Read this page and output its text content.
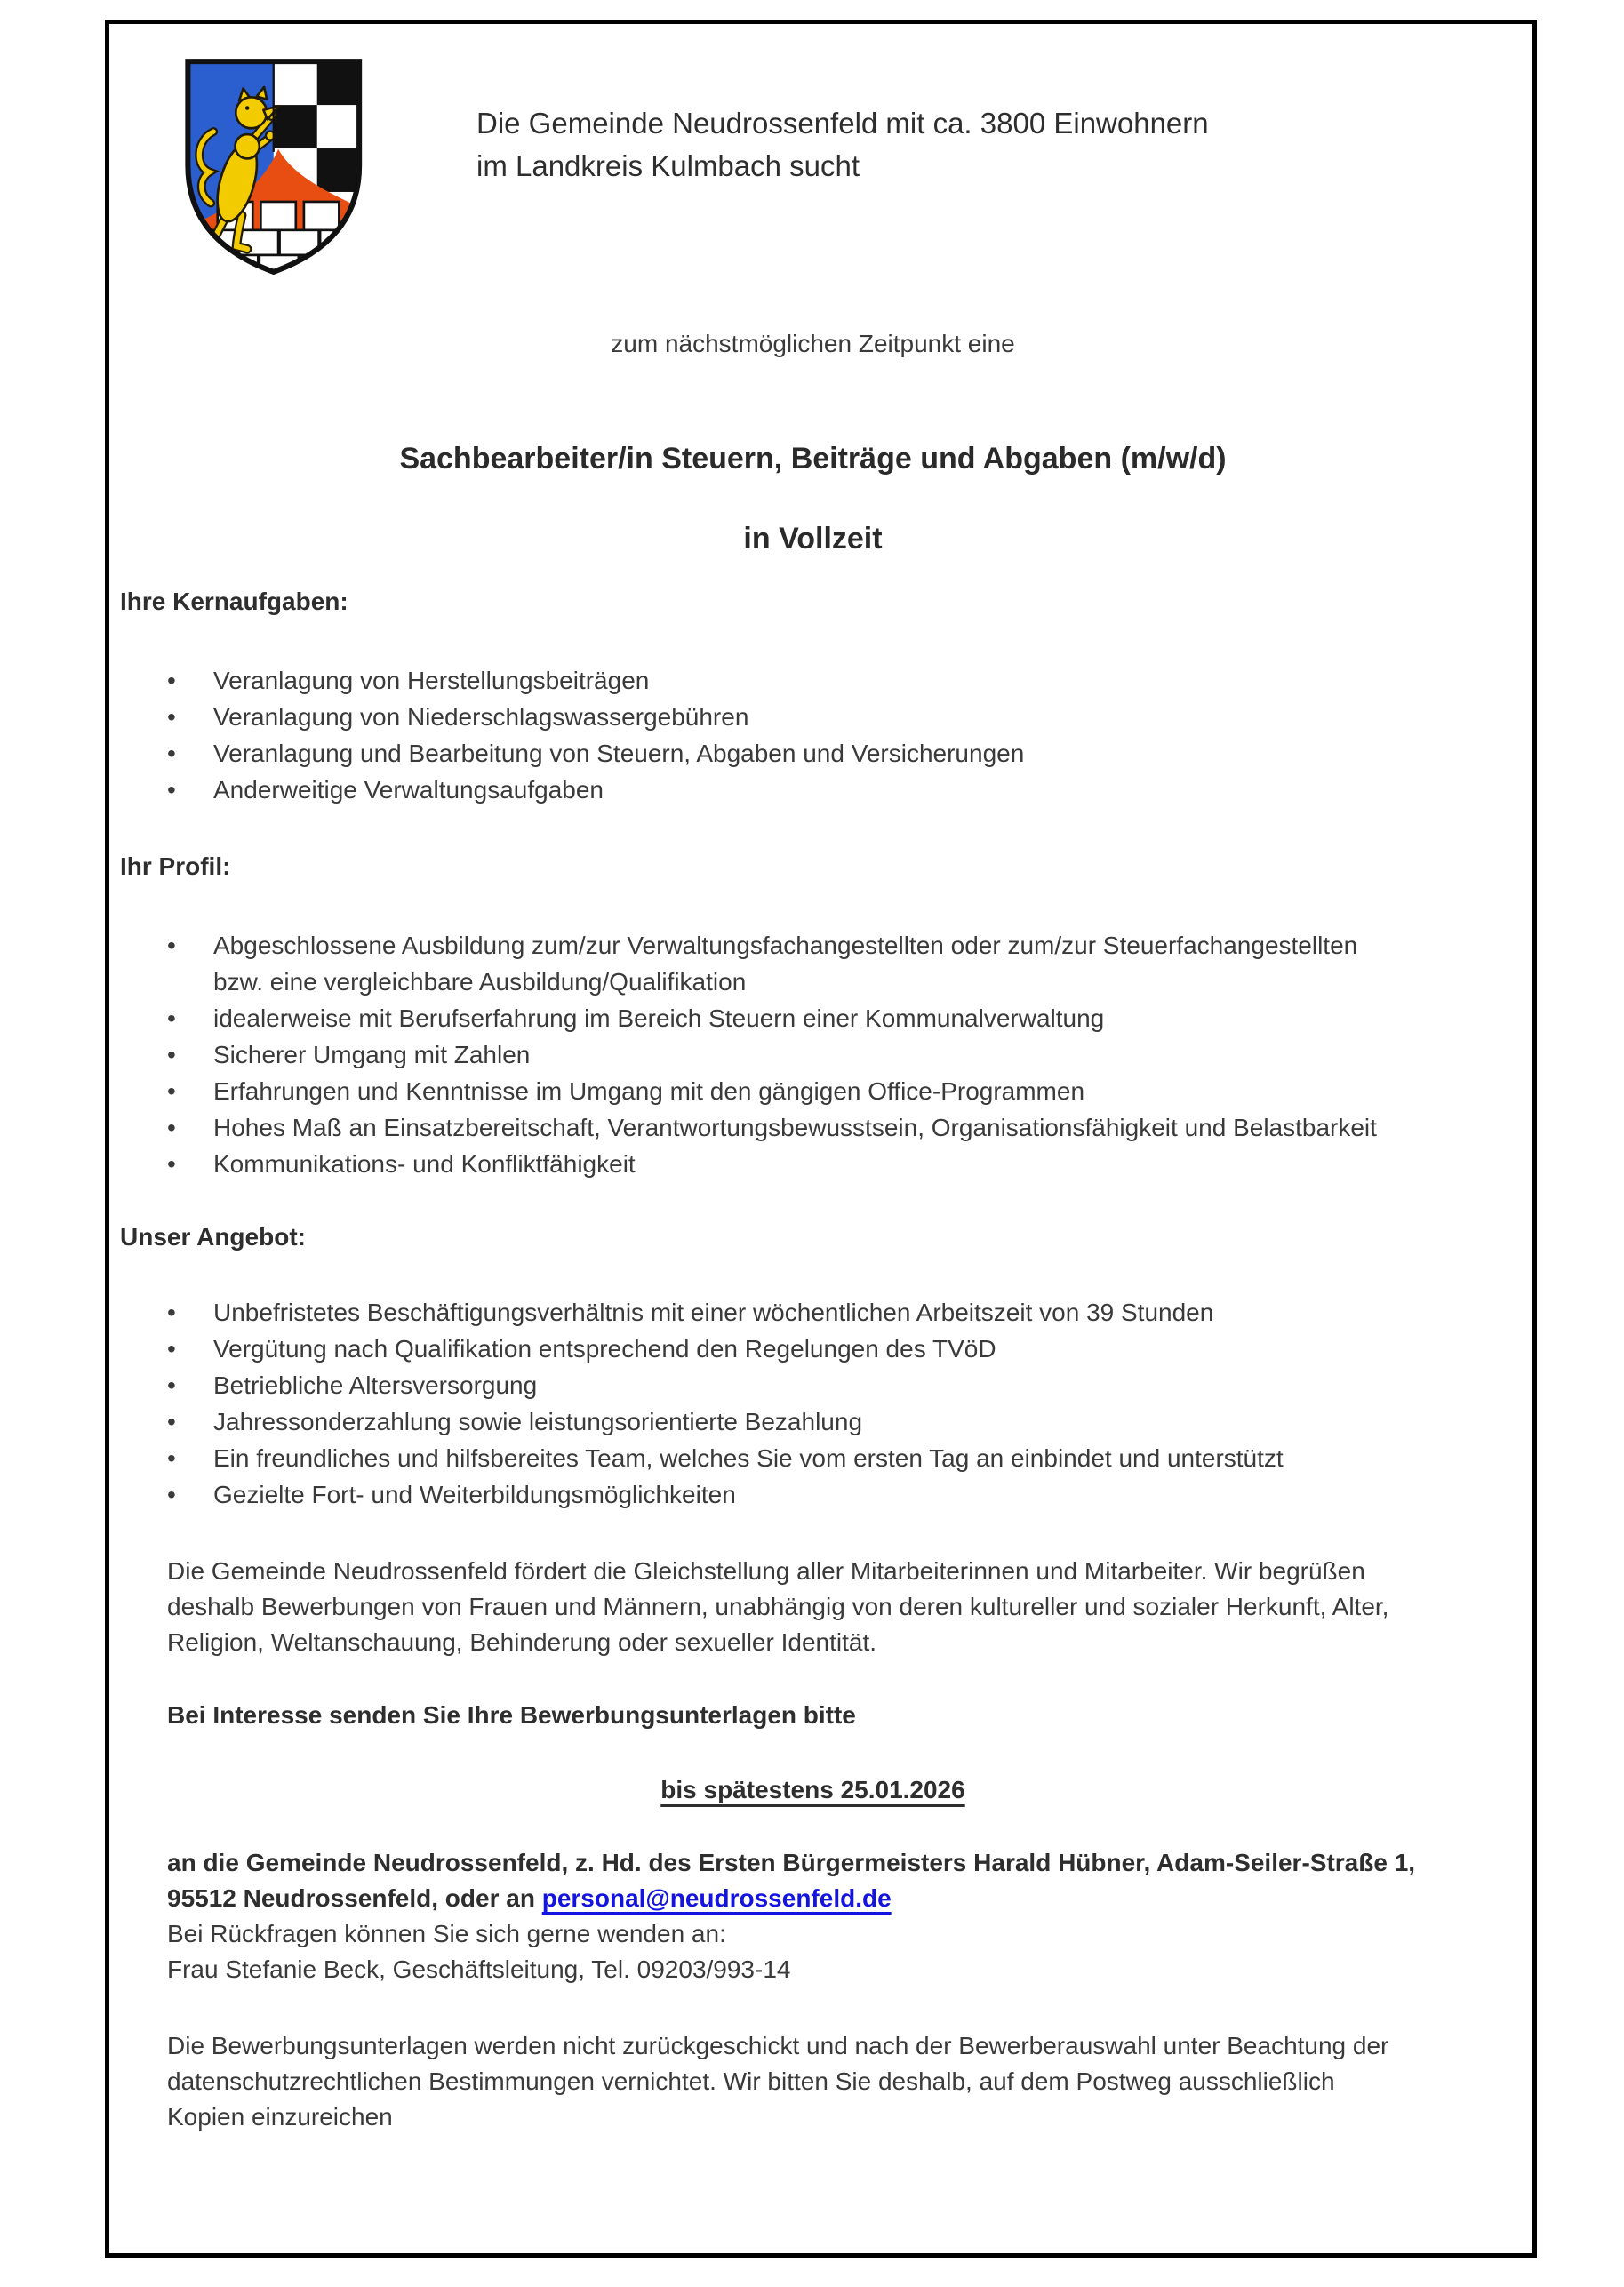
Die Gemeinde Neudrossenfeld mit ca. 3800 Einwohnern
im Landkreis Kulmbach sucht
zum nächstmöglichen Zeitpunkt eine
Sachbearbeiter/in Steuern, Beiträge und Abgaben (m/w/d)
in Vollzeit
Ihre Kernaufgaben:
• Veranlagung von Herstellungsbeiträgen
• Veranlagung von Niederschlagswassergebühren
• Veranlagung und Bearbeitung von Steuern, Abgaben und Versicherungen
• Anderweitige Verwaltungsaufgaben
Ihr Profil:
• Abgeschlossene Ausbildung zum/zur Verwaltungsfachangestellten oder zum/zur Steuerfachangestellten
bzw. eine vergleichbare Ausbildung/Qualifikation
• idealerweise mit Berufserfahrung im Bereich Steuern einer Kommunalverwaltung
• Sicherer Umgang mit Zahlen
• Erfahrungen und Kenntnisse im Umgang mit den gängigen Office-Programmen
• Hohes Maß an Einsatzbereitschaft, Verantwortungsbewusstsein, Organisationsfähigkeit und Belastbarkeit
• Kommunikations- und Konfliktfähigkeit
Unser Angebot:
• Unbefristetes Beschäftigungsverhältnis mit einer wöchentlichen Arbeitszeit von 39 Stunden
• Vergütung nach Qualifikation entsprechend den Regelungen des TVöD
• Betriebliche Altersversorgung
• Jahressonderzahlung sowie leistungsorientierte Bezahlung
• Ein freundliches und hilfsbereites Team, welches Sie vom ersten Tag an einbindet und unterstützt
• Gezielte Fort- und Weiterbildungsmöglichkeiten
Die Gemeinde Neudrossenfeld fördert die Gleichstellung aller Mitarbeiterinnen und Mitarbeiter. Wir begrüßen
deshalb Bewerbungen von Frauen und Männern, unabhängig von deren kultureller und sozialer Herkunft, Alter,
Religion, Weltanschauung, Behinderung oder sexueller Identität.
Bei Interesse senden Sie Ihre Bewerbungsunterlagen bitte
bis spätestens 25.01.2026
an die Gemeinde Neudrossenfeld, z. Hd. des Ersten Bürgermeisters Harald Hübner, Adam-Seiler-Straße 1,
95512 Neudrossenfeld, oder an personal@neudrossenfeld.de
Bei Rückfragen können Sie sich gerne wenden an:
Frau Stefanie Beck, Geschäftsleitung, Tel. 09203/993-14
Die Bewerbungsunterlagen werden nicht zurückgeschickt und nach der Bewerberauswahl unter Beachtung der
datenschutzrechtlichen Bestimmungen vernichtet. Wir bitten Sie deshalb, auf dem Postweg ausschließlich
Kopien einzureichen
